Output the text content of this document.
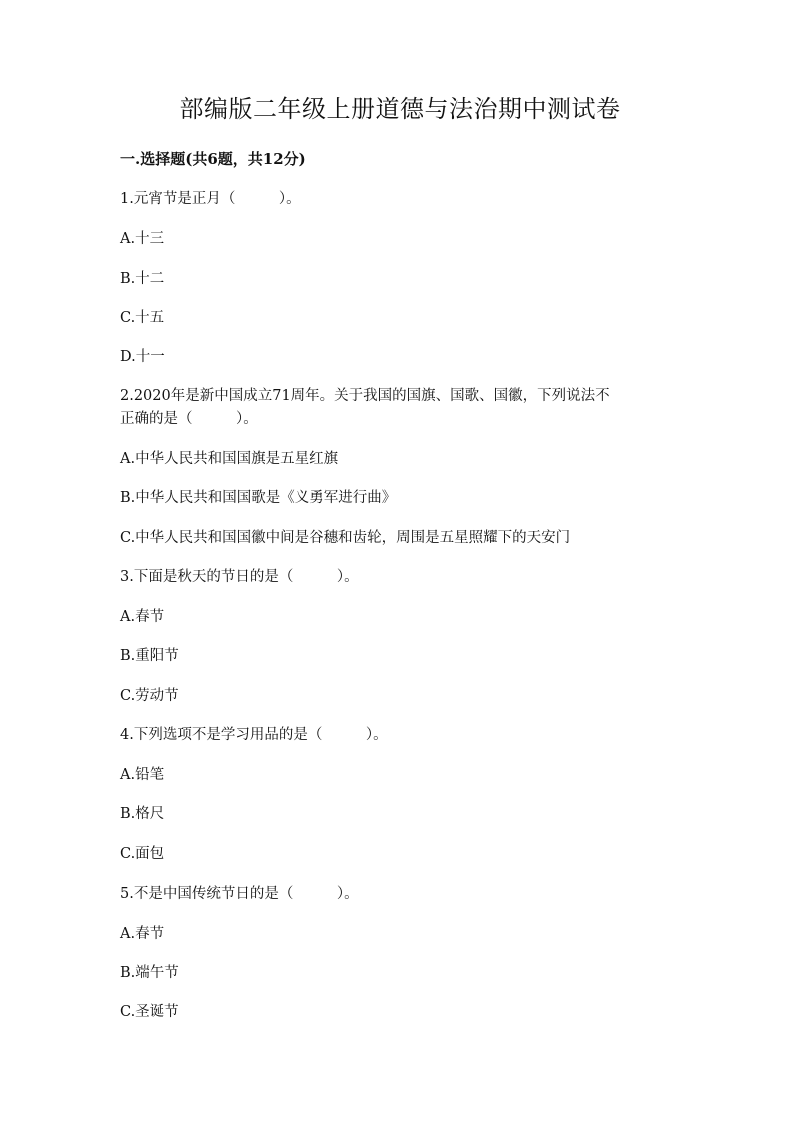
部编版二年级上册道德与法治期中测试卷
一.选择题(共6题，共12分)
1.元宵节是正月（　　　）。
A.十三
B.十二
C.十五
D.十一
2.2020年是新中国成立71周年。关于我国的国旗、国歌、国徽，下列说法不
正确的是（　　　）。
A.中华人民共和国国旗是五星红旗
B.中华人民共和国国歌是《义勇军进行曲》
C.中华人民共和国国徽中间是谷穗和齿轮，周围是五星照耀下的天安门
3.下面是秋天的节日的是（　　　）。
A.春节
B.重阳节
C.劳动节
4.下列选项不是学习用品的是（　　　）。
A.铅笔
B.格尺
C.面包
5.不是中国传统节日的是（　　　）。
A.春节
B.端午节
C.圣诞节
